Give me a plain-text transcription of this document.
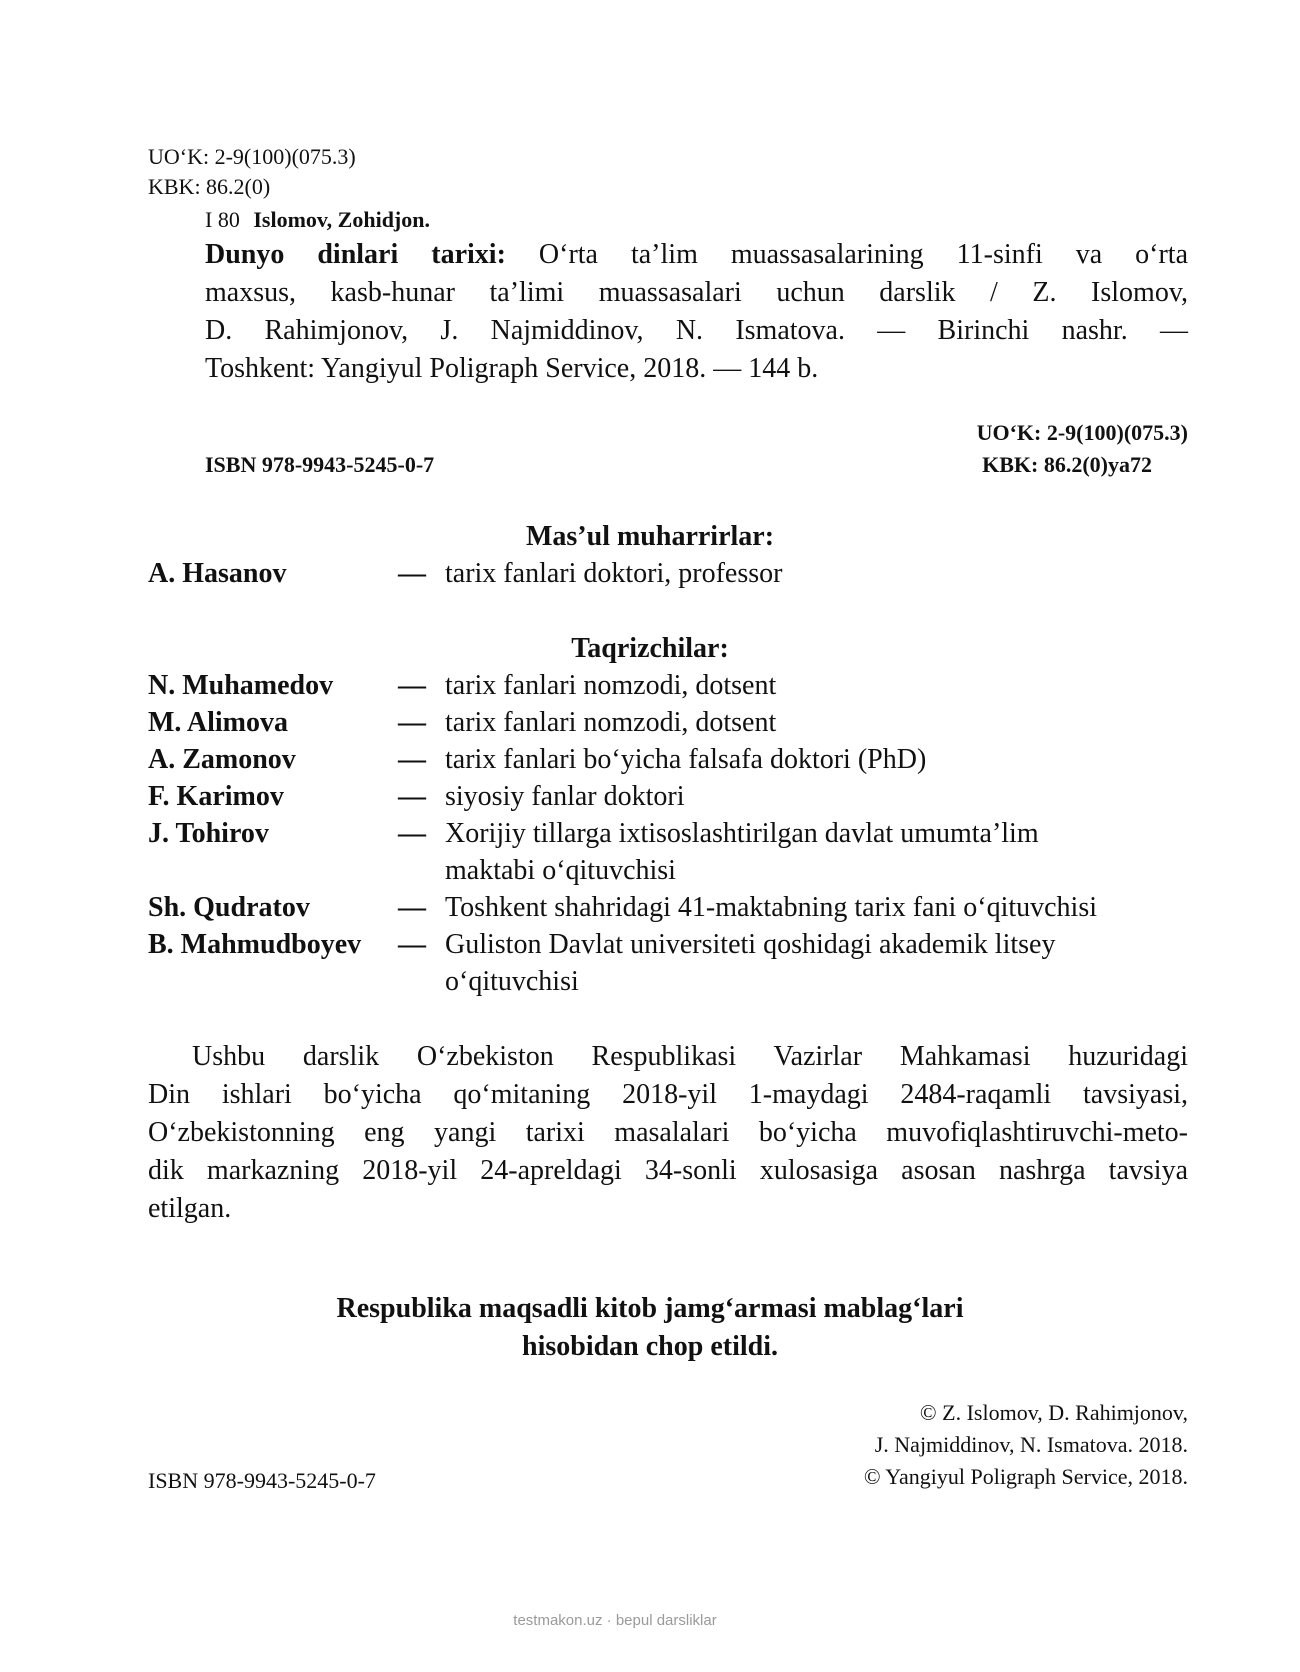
UO‘K: 2-9(100)(075.3)
KBK: 86.2(0)
I 80 Islomov, Zohidjon.
Dunyo dinlari tarixi: O‘rta ta’lim muassasalarining 11-sinfi va o‘rta
maxsus, kasb-hunar ta’limi muassasalari uchun darslik / Z. Islomov,
D. Rahimjonov, J. Najmiddinov, N. Ismatova. — Birinchi nashr. —
Toshkent: Yangiyul Poligraph Service, 2018. — 144 b.
UO‘K: 2-9(100)(075.3)
ISBN 978-9943-5245-0-7	KBK: 86.2(0)ya72
Mas’ul muharrirlar:
A. Hasanov	— tarix fanlari doktori, professor
Taqrizchilar:
N. Muhamedov — tarix fanlari nomzodi, dotsent
M. Alimova	— tarix fanlari nomzodi, dotsent
A. Zamonov	— tarix fanlari bo‘yicha falsafa doktori (PhD)
F. Karimov	— siyosiy fanlar doktori
J. Tohirov	— Xorijiy tillarga ixtisoslashtirilgan davlat umumta’lim
maktabi o‘qituvchisi
Sh. Qudratov	— Toshkent shahridagi 41-maktabning tarix fani o‘qituvchisi
B. Mahmudboyev — Guliston Davlat universiteti qoshidagi akademik litsey
o‘qituvchisi
Ushbu darslik O‘zbekiston Respublikasi Vazirlar Mahkamasi huzuridagi
Din ishlari bo‘yicha qo‘mitaning 2018-yil 1-maydagi 2484-raqamli tavsiyasi,
O‘zbekistonning eng yangi tarixi masalalari bo‘yicha muvofiqlashtiruvchi-meto-
dik markazning 2018-yil 24-apreldagi 34-sonli xulosasiga asosan nashrga tavsiya
etilgan.
Respublika maqsadli kitob jamg‘armasi mablag‘lari
hisobidan chop etildi.
© Z. Islomov, D. Rahimjonov,
J. Najmiddinov, N. Ismatova. 2018.
© Yangiyul Poligraph Service, 2018.
ISBN 978-9943-5245-0-7
testmakon.uz · bepul darsliklar
